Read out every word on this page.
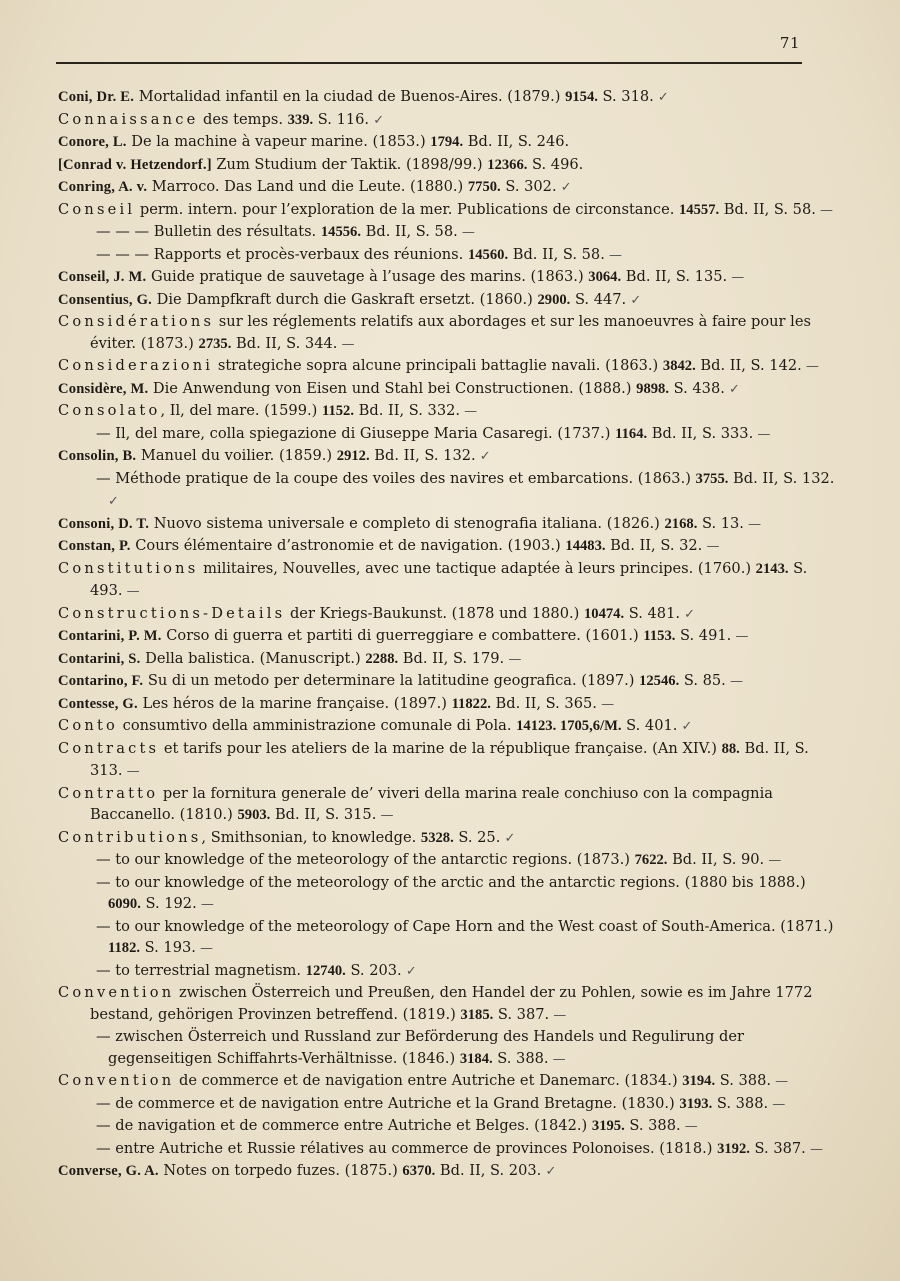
71
Coni, Dr. E. Mortalidad infantil en la ciudad de Buenos-Aires. (1879.) 9154. S. 318. ✓
Connaissance des temps. 339. S. 116. ✓
Conore, L. De la machine à vapeur marine. (1853.) 1794. Bd. II, S. 246.
[Conrad v. Hetzendorf.] Zum Studium der Taktik. (1898/99.) 12366. S. 496.
Conring, A. v. Marroco. Das Land und die Leute. (1880.) 7750. S. 302. ✓
Conseil perm. intern. pour l’exploration de la mer. Publications de circonstance. 14557. Bd. II, S. 58. —
— — — Bulletin des résultats. 14556. Bd. II, S. 58. —
— — — Rapports et procès-verbaux des réunions. 14560. Bd. II, S. 58. —
Conseil, J. M. Guide pratique de sauvetage à l’usage des marins. (1863.) 3064. Bd. II, S. 135. —
Consentius, G. Die Dampfkraft durch die Gaskraft ersetzt. (1860.) 2900. S. 447. ✓
Considérations sur les réglements relatifs aux abordages et sur les manoeuvres à faire pour les éviter. (1873.) 2735. Bd. II, S. 344. —
Considerazioni strategiche sopra alcune principali battaglie navali. (1863.) 3842. Bd. II, S. 142. —
Considère, M. Die Anwendung von Eisen und Stahl bei Constructionen. (1888.) 9898. S. 438. ✓
Consolato, Il, del mare. (1599.) 1152. Bd. II, S. 332. —
— Il, del mare, colla spiegazione di Giuseppe Maria Casaregi. (1737.) 1164. Bd. II, S. 333. —
Consolin, B. Manuel du voilier. (1859.) 2912. Bd. II, S. 132. ✓
— Méthode pratique de la coupe des voiles des navires et embarcations. (1863.) 3755. Bd. II, S. 132. ✓
Consoni, D. T. Nuovo sistema universale e completo di stenografia italiana. (1826.) 2168. S. 13. —
Constan, P. Cours élémentaire d’astronomie et de navigation. (1903.) 14483. Bd. II, S. 32. —
Constitutions militaires, Nouvelles, avec une tactique adaptée à leurs principes. (1760.) 2143. S. 493. —
Constructions-Details der Kriegs-Baukunst. (1878 und 1880.) 10474. S. 481. ✓
Contarini, P. M. Corso di guerra et partiti di guerreggiare e combattere. (1601.) 1153. S. 491. —
Contarini, S. Della balistica. (Manuscript.) 2288. Bd. II, S. 179. —
Contarino, F. Su di un metodo per determinare la latitudine geografica. (1897.) 12546. S. 85. —
Contesse, G. Les héros de la marine française. (1897.) 11822. Bd. II, S. 365. —
Conto consumtivo della amministrazione comunale di Pola. 14123. 1705,6/M. S. 401. ✓
Contracts et tarifs pour les ateliers de la marine de la république française. (An XIV.) 88. Bd. II, S. 313. —
Contratto per la fornitura generale de’ viveri della marina reale conchiuso con la compagnia Baccanello. (1810.) 5903. Bd. II, S. 315. —
Contributions, Smithsonian, to knowledge. 5328. S. 25. ✓
— to our knowledge of the meteorology of the antarctic regions. (1873.) 7622. Bd. II, S. 90. —
— to our knowledge of the meteorology of the arctic and the antarctic regions. (1880 bis 1888.) 6090. S. 192. —
— to our knowledge of the meteorology of Cape Horn and the West coast of South-America. (1871.) 1182. S. 193. —
— to terrestrial magnetism. 12740. S. 203. ✓
Convention zwischen Österreich und Preußen, den Handel der zu Pohlen, sowie es im Jahre 1772 bestand, gehörigen Provinzen betreffend. (1819.) 3185. S. 387. —
— zwischen Österreich und Russland zur Beförderung des Handels und Regulirung der gegenseitigen Schiffahrts-Verhältnisse. (1846.) 3184. S. 388. —
Convention de commerce et de navigation entre Autriche et Danemarc. (1834.) 3194. S. 388. —
— de commerce et de navigation entre Autriche et la Grand Bretagne. (1830.) 3193. S. 388. —
— de navigation et de commerce entre Autriche et Belges. (1842.) 3195. S. 388. —
— entre Autriche et Russie rélatives au commerce de provinces Polonoises. (1818.) 3192. S. 387. —
Converse, G. A. Notes on torpedo fuzes. (1875.) 6370. Bd. II, S. 203. ✓
